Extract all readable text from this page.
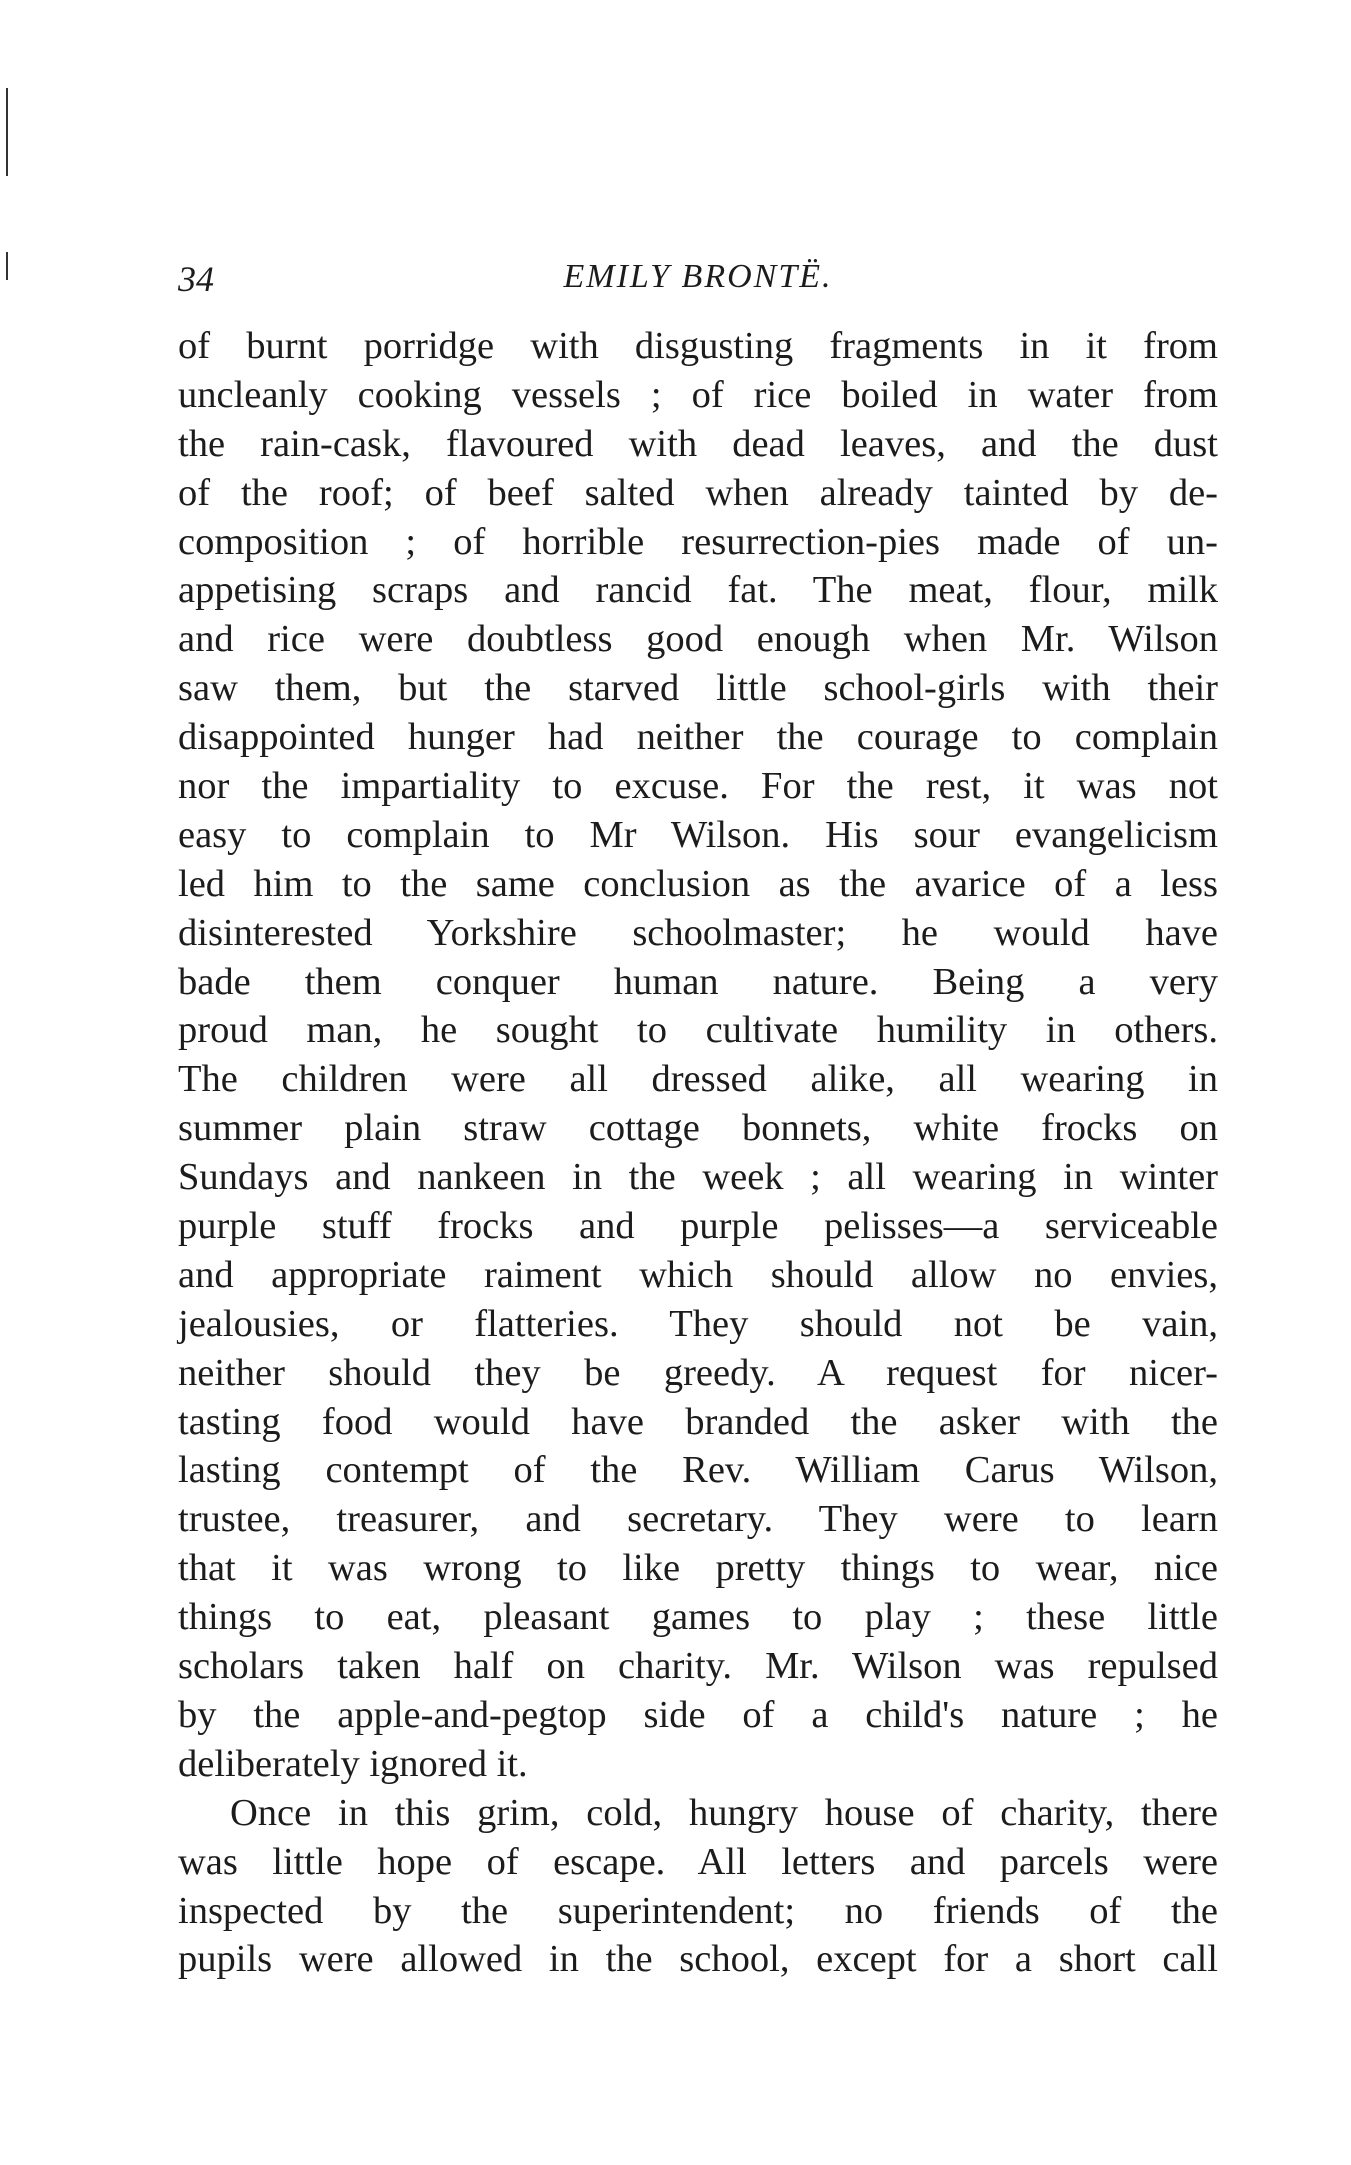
34	EMILY BRONTË.
of burnt porridge with disgusting fragments in it from
uncleanly cooking vessels ; of rice boiled in water from
the rain-cask, flavoured with dead leaves, and the dust
of the roof; of beef salted when already tainted by de-
composition ; of horrible resurrection-pies made of un-
appetising scraps and rancid fat. The meat, flour, milk
and rice were doubtless good enough when Mr. Wilson
saw them, but the starved little school-girls with their
disappointed hunger had neither the courage to complain
nor the impartiality to excuse. For the rest, it was not
easy to complain to Mr Wilson. His sour evangelicism
led him to the same conclusion as the avarice of a less
disinterested Yorkshire schoolmaster; he would have
bade them conquer human nature. Being a very
proud man, he sought to cultivate humility in others.
The children were all dressed alike, all wearing in
summer plain straw cottage bonnets, white frocks on
Sundays and nankeen in the week ; all wearing in winter
purple stuff frocks and purple pelisses—a serviceable
and appropriate raiment which should allow no envies,
jealousies, or flatteries. They should not be vain,
neither should they be greedy. A request for nicer-
tasting food would have branded the asker with the
lasting contempt of the Rev. William Carus Wilson,
trustee, treasurer, and secretary. They were to learn
that it was wrong to like pretty things to wear, nice
things to eat, pleasant games to play ; these little
scholars taken half on charity. Mr. Wilson was repulsed
by the apple-and-pegtop side of a child's nature ; he
deliberately ignored it.
Once in this grim, cold, hungry house of charity, there
was little hope of escape. All letters and parcels were
inspected by the superintendent; no friends of the
pupils were allowed in the school, except for a short call
